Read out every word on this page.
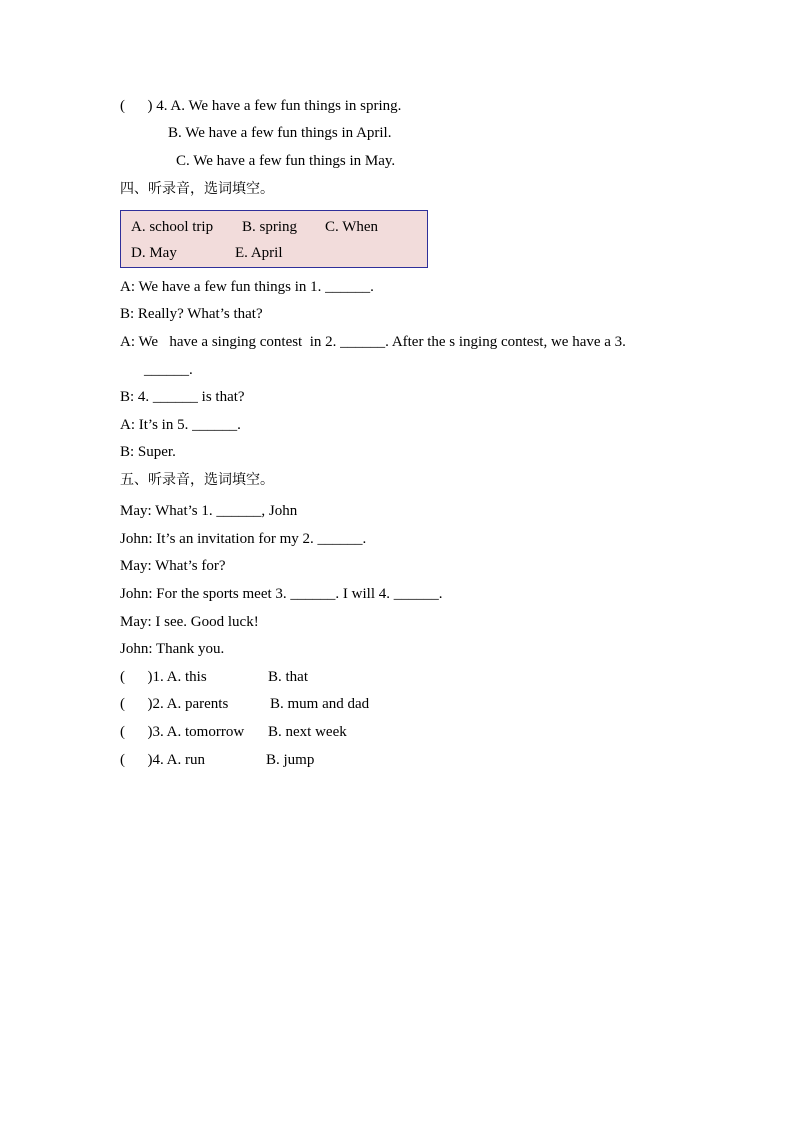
(      ) 4. A. We have a few fun things in spring.
B. We have a few fun things in April.
C. We have a few fun things in May.
四、听录音，选词填空。
A. school trip B. spring C. When
D. May	E. April
A: We have a few fun things in 1. ______.
B: Really? What’s that?
A: We   have a singing contest  in 2. ______. After the s inging contest, we have a 3.
______.
B: 4. ______ is that?
A: It’s in 5. ______.
B: Super.
五、听录音，选词填空。
May: What’s 1. ______, John
John: It’s an invitation for my 2. ______.
May: What’s for?
John: For the sports meet 3. ______. I will 4. ______.
May: I see. Good luck!
John: Thank you.
(      )1. A. this	B. that
(      )2. A. parents	B. mum and dad
(      )3. A. tomorrow B. next week
(      )4. A. run	B. jump
